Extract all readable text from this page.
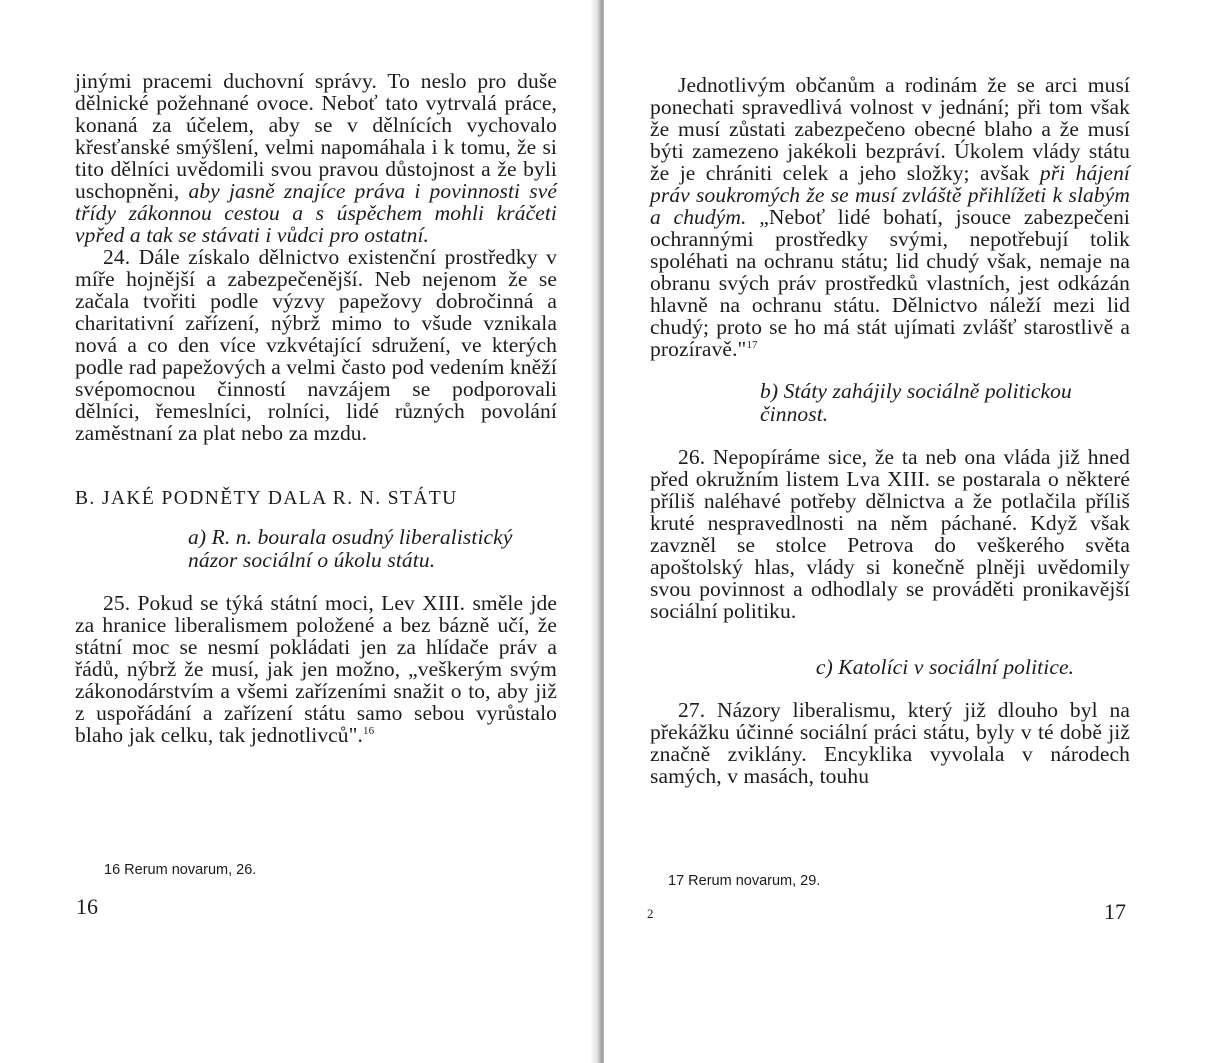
jinými pracemi duchovní správy. To neslo pro duše dělnické požehnané ovoce. Neboť tato vytrvalá práce, konaná za účelem, aby se v dělnících vychovalo křesťanské smýšlení, velmi napomáhala i k tomu, že si tito dělníci uvědomili svou pravou důstojnost a že byli uschopněni, aby jasně znajíce práva i povinnosti své třídy zákonnou cestou a s úspěchem mohli kráčeti vpřed a tak se stávati i vůdci pro ostatní.

24. Dále získalo dělnictvo existenční prostředky v míře hojnější a zabezpečenější. Neb nejenom že se začala tvořiti podle výzvy papežovy dobročinná a charitativní zařízení, nýbrž mimo to všude vznikala nová a co den více vzkvétající sdružení, ve kterých podle rad papežových a velmi často pod vedením kněží svépomocnou činností navzájem se podporovali dělníci, řemeslníci, rolníci, lidé různých povolání zaměstnaní za plat nebo za mzdu.

B. JAKÉ PODNĚTY DALA R. N. STÁTU

a) R. n. bourala osudný liberalistický názor sociální o úkolu státu.

25. Pokud se týká státní moci, Lev XIII. směle jde za hranice liberalismem položené a bez bázně učí, že státní moc se nesmí pokládati jen za hlídače práv a řádů, nýbrž že musí, jak jen možno, „veškerým svým zákonodárstvím a všemi zařízeními snažit o to, aby již z uspořádání a zařízení státu samo sebou vyrůstalo blaho jak celku, tak jednotlivců".$^{16}$

16 Rerum novarum, 26.
16

Jednotlivým občanům a rodinám že se arci musí ponechati spravedlivá volnost v jednání; při tom však že musí zůstati zabezpečeno obecné blaho a že musí býti zamezeno jakékoli bezpráví. Úkolem vlády státu že je chrániti celek a jeho složky; avšak při hájení práv soukromých že se musí zvláště přihlížeti k slabým a chudým. „Neboť lidé bohatí, jsouce zabezpečeni ochrannými prostředky svými, nepotřebují tolik spoléhati na ochranu státu; lid chudý však, nemaje na obranu svých práv prostředků vlastních, jest odkázán hlavně na ochranu státu. Dělnictvo náleží mezi lid chudý; proto se ho má stát ujímati zvlášť starostlivě a prozíravě."$^{17}$

b) Státy zahájily sociálně politickou činnost.

26. Nepopíráme sice, že ta neb ona vláda již hned před okružním listem Lva XIII. se postarala o některé příliš naléhavé potřeby dělnictva a že potlačila příliš kruté nespravedlnosti na něm páchané. Když však zavzněl se stolce Petrova do veškerého světa apoštolský hlas, vlády si konečně plněji uvědomily svou povinnost a odhodlaly se prováděti pronikavější sociální politiku.

c) Katolíci v sociální politice.

27. Názory liberalismu, který již dlouho byl na překážku účinné sociální práci státu, byly v té době již značně zviklány. Encyklika vyvolala v národech samých, v masách, touhu

17 Rerum novarum, 29.
2	17
